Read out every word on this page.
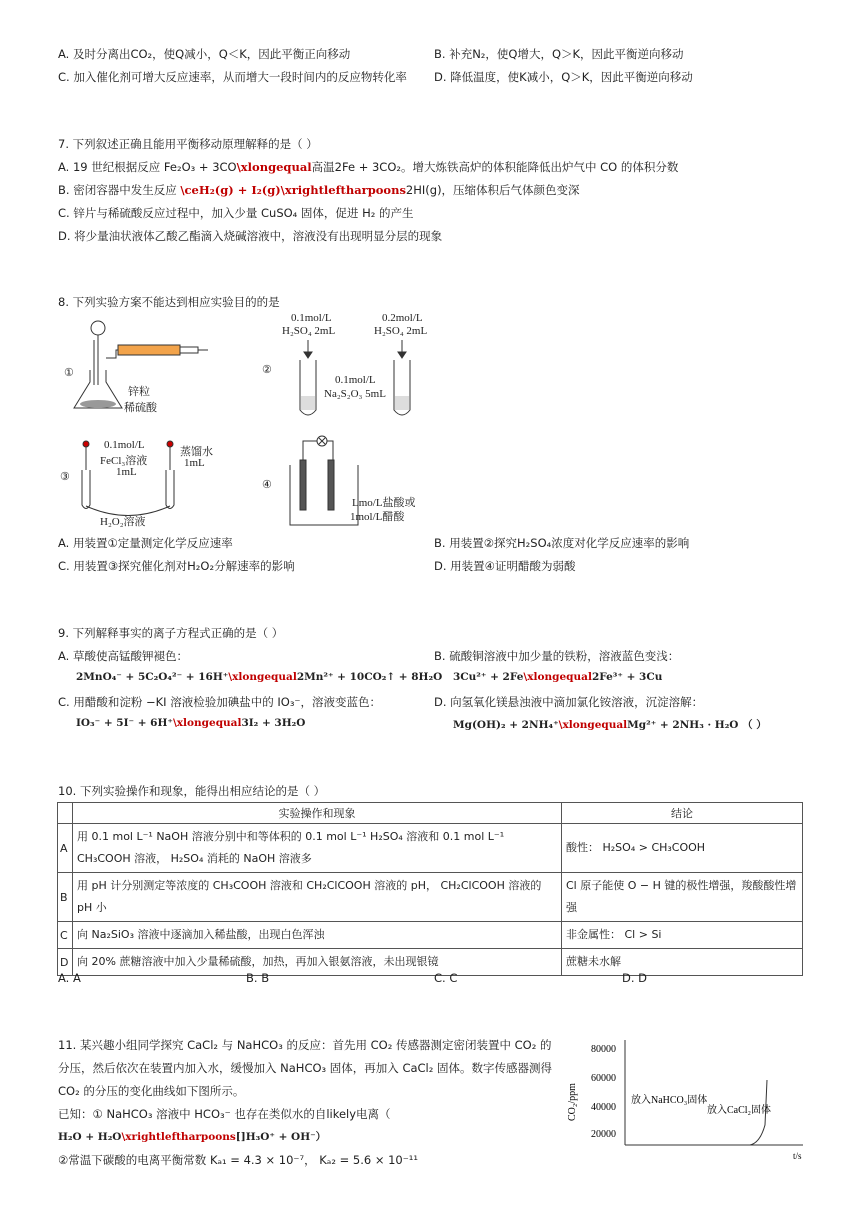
A. 及时分离出CO₂，使Q减小，Q＜K，因此平衡正向移动	B. 补充N₂，使Q增大，Q＞K，因此平衡逆向移动
C. 加入催化剂可增大反应速率，从而增大一段时间内的反应物转化率 D. 降低温度，使K减小，Q＞K，因此平衡逆向移动
7. 下列叙述正确且能用平衡移动原理解释的是（ ）
A. 19 世纪根据反应 Fe₂O₃ + 3CO\xlongequal高温2Fe + 3CO₂。增大炼铁高炉的体积能降低出炉气中 CO 的体积分数
B. 密闭容器中发生反应 \ceH₂(g) + I₂(g)\xrightleftharpoons2HI(g)，压缩体积后气体颜色变深
C. 锌片与稀硫酸反应过程中，加入少量 CuSO₄ 固体，促进 H₂ 的产生
D. 将少量油状液体乙酸乙酯滴入烧碱溶液中，溶液没有出现明显分层的现象
8. 下列实验方案不能达到相应实验目的的是
①
锌粒
稀硫酸
②
0.1mol/L
H₂SO₄ 2mL
0.2mol/L
H₂SO₄ 2mL
0.1mol/L
Na₂S₂O₃ 5mL
③
0.1mol/L
FeCl₃溶液
1mL
蒸馏水
1mL
H₂O₂溶液
④
Lmo/L盐酸或
1mol/L醋酸
A. 用装置①定量测定化学反应速率	B. 用装置②探究H₂SO₄浓度对化学反应速率的影响
C. 用装置③探究催化剂对H₂O₂分解速率的影响	D. 用装置④证明醋酸为弱酸
9. 下列解释事实的离子方程式正确的是（ ）
A. 草酸使高锰酸钾褪色：
2MnO₄⁻ + 5C₂O₄²⁻ + 16H⁺\xlongequal2Mn²⁺ + 10CO₂↑ + 8H₂O
B. 硫酸铜溶液中加少量的铁粉，溶液蓝色变浅：
3Cu²⁺ + 2Fe\xlongequal2Fe³⁺ + 3Cu
C. 用醋酸和淀粉 −KI 溶液检验加碘盐中的 IO₃⁻，溶液变蓝色：
IO₃⁻ + 5I⁻ + 6H⁺\xlongequal3I₂ + 3H₂O
D. 向氢氧化镁悬浊液中滴加氯化铵溶液，沉淀溶解：
Mg(OH)₂ + 2NH₄⁺\xlongequalMg²⁺ + 2NH₃ · H₂O （ ）
10. 下列实验操作和现象，能得出相应结论的是（ ）
	实验操作和现象	结论
A	用 0.1 mol L⁻¹ NaOH 溶液分别中和等体积的 0.1 mol L⁻¹ H₂SO₄ 溶液和 0.1 mol L⁻¹ CH₃COOH 溶液， H₂SO₄ 消耗的 NaOH 溶液多	酸性： H₂SO₄ > CH₃COOH
B	用 pH 计分别测定等浓度的 CH₃COOH 溶液和 CH₂ClCOOH 溶液的 pH， CH₂ClCOOH 溶液的 pH 小	Cl 原子能使 O − H 键的极性增强，羧酸酸性增强
C	向 Na₂SiO₃ 溶液中逐滴加入稀盐酸，出现白色浑浊	非金属性： Cl > Si
D	向 20% 蔗糖溶液中加入少量稀硫酸，加热，再加入银氨溶液，未出现银镜	蔗糖未水解
A. A	B. B	C. C	D. D
11. 某兴趣小组同学探究 CaCl₂ 与 NaHCO₃ 的反应：首先用 CO₂ 传感器测定密闭装置中 CO₂ 的
分压，然后依次在装置内加入水，缓慢加入 NaHCO₃ 固体，再加入 CaCl₂ 固体。数字传感器测得
CO₂ 的分压的变化曲线如下图所示。
已知：① NaHCO₃ 溶液中 HCO₃⁻ 也存在类似水的自likely电离（
H₂O + H₂O\xrightleftharpoons[]H₃O⁺ + OH⁻）
②常温下碳酸的电离平衡常数 Kₐ₁ = 4.3 × 10⁻⁷， Kₐ₂ = 5.6 × 10⁻¹¹
CO₂/ppm
80000
60000
40000
20000
放入NaHCO₃固体
放入CaCl₂固体
t/s
